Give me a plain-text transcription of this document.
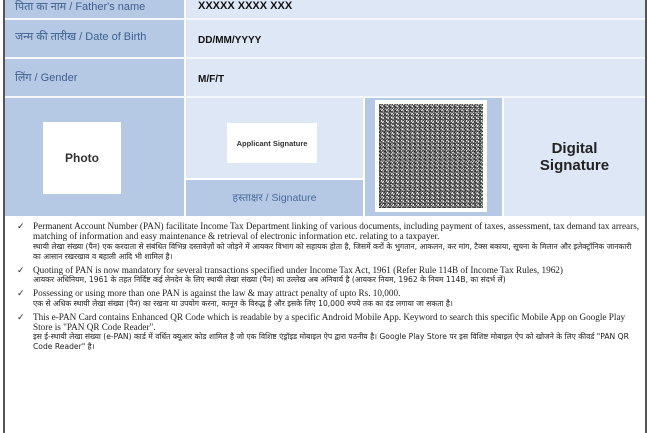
पिता का नाम / Father's name	XXXXX XXXX XXX
जन्म की तारीख / Date of Birth	DD/MM/YYYY
लिंग / Gender	M/F/T
Photo
Applicant Signature
हस्ताक्षर / Signature
Digital Signature
✓ Permanent Account Number (PAN) facilitate Income Tax Department linking of various documents, including payment of taxes, assessment, tax demand tax arrears, matching of information and easy maintenance & retrieval of electronic information etc. relating to a taxpayer.
स्थायी लेखा संख्या (पैन) एक करदाता से संबंधित विभिन्न दस्तावेज़ों को जोड़ने में आयकर विभाग को सहायक होता है, जिसमें करों के भुगतान, आकलन, कर मांग, टैक्स बकाया, सूचना के मिलान और इलेक्ट्रॉनिक जानकारी का आसान रखरखाव व बहाली आदि भी शामिल है।
✓ Quoting of PAN is now mandatory for several transactions specified under Income Tax Act, 1961 (Refer Rule 114B of Income Tax Rules, 1962)
आयकर अधिनियम, 1961 के तहत निर्दिष्ट कई लेनदेन के लिए स्थायी लेखा संख्या (पैन) का उल्लेख अब अनिवार्य है (आयकर नियम, 1962 के नियम 114B, का संदर्भ लें)
✓ Possessing or using more than one PAN is against the law & may attract penalty of upto Rs. 10,000.
एक से अधिक स्थायी लेखा संख्या (पैन) का रखना या उपयोग करना, कानून के विरुद्ध है और इसके लिए 10,000 रुपये तक का दंड लगाया जा सकता है।
✓ This e-PAN Card contains Enhanced QR Code which is readable by a specific Android Mobile App. Keyword to search this specific Mobile App on Google Play Store is "PAN QR Code Reader".
इस ई-स्थायी लेखा संख्या (e-PAN) कार्ड में वर्धित क्यूआर कोड शामिल है जो एक विशिष्ट एंड्रॉइड मोबाइल ऐप द्वारा पठनीय है। Google Play Store पर इस विशिष्ट मोबाइल ऐप को खोजने के लिए कीवर्ड "PAN QR Code Reader" है।
